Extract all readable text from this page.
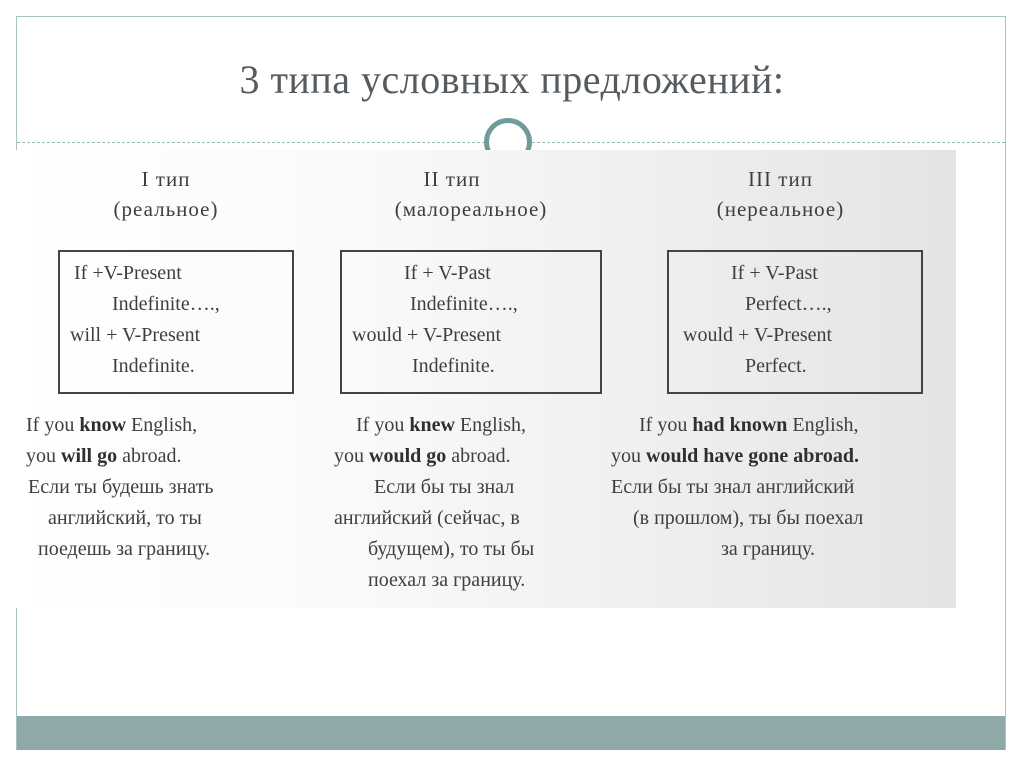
3 типа условных предложений:
I тип
(реальное)
If +V-Present
Indefinite….,
will + V-Present
Indefinite.
If you know English,
you will go abroad.
Если ты будешь знать
английский, то ты
поедешь за границу.
II тип
(малореальное)
If + V-Past
Indefinite….,
would + V-Present
Indefinite.
If you knew English,
you would go abroad.
Если бы ты знал
английский (сейчас, в
будущем), то ты бы
поехал за границу.
III тип
(нереальное)
If + V-Past
Perfect….,
would + V-Present
Perfect.
If you had known English,
you would have gone abroad.
Если бы ты знал английский
(в прошлом), ты бы поехал
за границу.
